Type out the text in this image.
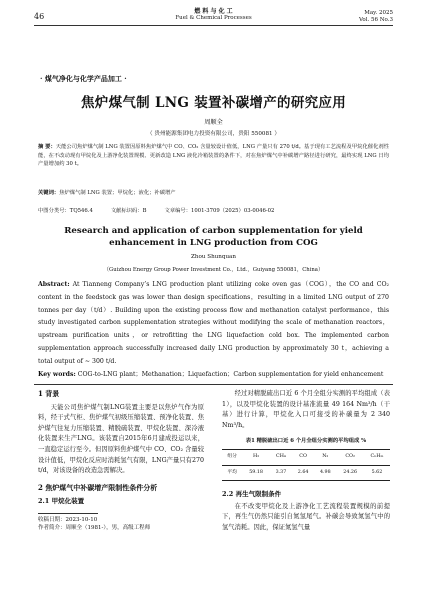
46
燃 料 与 化 工
Fuel & Chemical Processes
May. 2025
Vol. 56 No.3
· 煤气净化与化学产品加工 ·
焦炉煤气制 LNG 装置补碳增产的研究应用
周顺全
（ 贵州能源集团电力投资有限公司，贵阳 550081 ）
摘 要：天能公司焦炉煤气制 LNG 装置因原料焦炉煤气中 CO、CO₂ 含量较设计值低，LNG 产量只有 270 t/d。基于现有工艺流程及甲烷化催化剂性能，在不改动现有甲烷化及上游净化装置规模、更新改造 LNG 液化冷箱装置的条件下，对在焦炉煤气中补碳增产路径进行研究，最终实现 LNG 日均产量增加约 30 t。
关键词：焦炉煤气制 LNG 装置；甲烷化；液化；补碳增产
中图分类号：TQ546.4	文献标识码：B	文章编号：1001-3709（2025）03-0046-02
Research and application of carbon supplementation for yield enhancement in LNG production from COG
Zhou Shunquan
（Guizhou Energy Group Power Investment Co.，Ltd.，Guiyang 550081，China）
Abstract: At Tianneng Company’s LNG production plant utilizing coke oven gas（COG），the CO and CO₂ content in the feedstock gas was lower than design specifications，resulting in a limited LNG output of 270 tonnes per day（t/d）. Building upon the existing process flow and methanation catalyst performance，this study investigated carbon supplementation strategies without modifying the scale of methanation reactors，upstream purification units，or retrofitting the LNG liquefaction cold box. The implemented carbon supplementation approach successfully increased daily LNG production by approximately 30 t，achieving a total output of ~ 300 t/d.
Key words: COG-to-LNG plant；Methanation；Liquefaction；Carbon supplementation for yield enhancement
1 背景
天能公司焦炉煤气制LNG装置主要是以焦炉气作为原料，经干式气柜、焦炉煤气初级压缩装置、预净化装置、焦炉煤气往复力压缩装置、精脱硫装置、甲烷化装置、深冷液化装置来生产LNG。该装置自2015年6月建成投运以来，一直稳定运行至今。但因原料焦炉煤气中 CO、CO₂ 含量较设计值低，甲烷化反应时消耗氢气有限，LNG产量只有270 t/d，对该设备的改造急需解决。
2 焦炉煤气中补碳增产限制性条件分析
2.1 甲烷化装置
收稿日期：2023-10-10
作者简介：周顺全（1981-），男，高级工程师
经过对精脱硫出口近 6 个月全组分实测的平均组成（表1），以及甲烷化装置的设计基准流量 49 164 Nm³/h（干基）进行计算，甲烷化入口可接受的补碳量为 2 340 Nm³/h。
表1 精脱硫出口近 6 个月全组分实测的平均组成 %
组分	H₂	CH₄	CO	N₂	CO₂	CₙHₘ
平均	59.18	3.37	2.64	4.98	24.26	5.62
2.2 再生气限制条件
在不改变甲烷化及上游净化工艺流程装置规模的前提下，再生气仍然只能引自氮氢尾气。补碳会导致氮氢气中的氢气消耗。因此，保证氮氢气量
